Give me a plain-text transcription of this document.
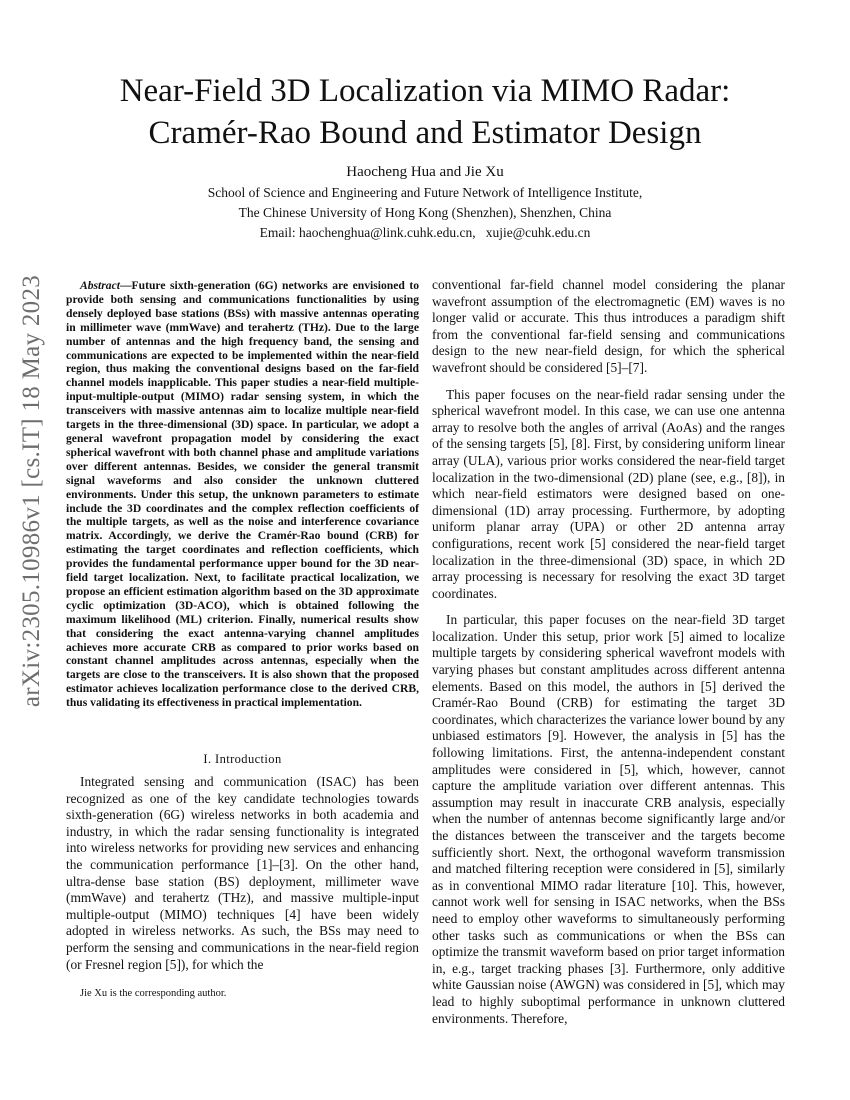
Near-Field 3D Localization via MIMO Radar:
Cramér-Rao Bound and Estimator Design
Haocheng Hua and Jie Xu
School of Science and Engineering and Future Network of Intelligence Institute,
The Chinese University of Hong Kong (Shenzhen), Shenzhen, China
Email: haochenghua@link.cuhk.edu.cn,   xujie@cuhk.edu.cn
arXiv:2305.10986v1 [cs.IT] 18 May 2023	Abstract—Future sixth-generation (6G) networks are envisioned to provide both sensing and communications functionalities by using densely deployed base stations (BSs) with massive antennas operating in millimeter wave (mmWave) and terahertz (THz). Due to the large number of antennas and the high frequency band, the sensing and communications are expected to be implemented within the near-field region, thus making the conventional designs based on the far-field channel models inapplicable. This paper studies a near-field multiple-input-multiple-output (MIMO) radar sensing system, in which the transceivers with massive antennas aim to localize multiple near-field targets in the three-dimensional (3D) space. In particular, we adopt a general wavefront propagation model by considering the exact spherical wavefront with both channel phase and amplitude variations over different antennas. Besides, we consider the general transmit signal waveforms and also consider the unknown cluttered environments. Under this setup, the unknown parameters to estimate include the 3D coordinates and the complex reflection coefficients of the multiple targets, as well as the noise and interference covariance matrix. Accordingly, we derive the Cramér-Rao bound (CRB) for estimating the target coordinates and reflection coefficients, which provides the fundamental performance upper bound for the 3D near-field target localization. Next, to facilitate practical localization, we propose an efficient estimation algorithm based on the 3D approximate cyclic optimization (3D-ACO), which is obtained following the maximum likelihood (ML) criterion. Finally, numerical results show that considering the exact antenna-varying channel amplitudes achieves more accurate CRB as compared to prior works based on constant channel amplitudes across antennas, especially when the targets are close to the transceivers. It is also shown that the proposed estimator achieves localization performance close to the derived CRB, thus validating its effectiveness in practical implementation.
I. Introduction

Integrated sensing and communication (ISAC) has been recognized as one of the key candidate technologies towards sixth-generation (6G) wireless networks in both academia and industry, in which the radar sensing functionality is integrated into wireless networks for providing new services and enhancing the communication performance [1]–[3]. On the other hand, ultra-dense base station (BS) deployment, millimeter wave (mmWave) and terahertz (THz), and massive multiple-input multiple-output (MIMO) techniques [4] have been widely adopted in wireless networks. As such, the BSs may need to perform the sensing and communications in the near-field region (or Fresnel region [5]), for which the

Jie Xu is the corresponding author.

conventional far-field channel model considering the planar wavefront assumption of the electromagnetic (EM) waves is no longer valid or accurate. This thus introduces a paradigm shift from the conventional far-field sensing and communications design to the new near-field design, for which the spherical wavefront should be considered [5]–[7].

This paper focuses on the near-field radar sensing under the spherical wavefront model. In this case, we can use one antenna array to resolve both the angles of arrival (AoAs) and the ranges of the sensing targets [5], [8]. First, by considering uniform linear array (ULA), various prior works considered the near-field target localization in the two-dimensional (2D) plane (see, e.g., [8]), in which near-field estimators were designed based on one-dimensional (1D) array processing. Furthermore, by adopting uniform planar array (UPA) or other 2D antenna array configurations, recent work [5] considered the near-field target localization in the three-dimensional (3D) space, in which 2D array processing is necessary for resolving the exact 3D target coordinates.

In particular, this paper focuses on the near-field 3D target localization. Under this setup, prior work [5] aimed to localize multiple targets by considering spherical wavefront models with varying phases but constant amplitudes across different antenna elements. Based on this model, the authors in [5] derived the Cramér-Rao Bound (CRB) for estimating the target 3D coordinates, which characterizes the variance lower bound by any unbiased estimators [9]. However, the analysis in [5] has the following limitations. First, the antenna-independent constant amplitudes were considered in [5], which, however, cannot capture the amplitude variation over different antennas. This assumption may result in inaccurate CRB analysis, especially when the number of antennas become significantly large and/or the distances between the transceiver and the targets become sufficiently short. Next, the orthogonal waveform transmission and matched filtering reception were considered in [5], similarly as in conventional MIMO radar literature [10]. This, however, cannot work well for sensing in ISAC networks, when the BSs need to employ other waveforms to simultaneously performing other tasks such as communications or when the BSs can optimize the transmit waveform based on prior target information in, e.g., target tracking phases [3]. Furthermore, only additive white Gaussian noise (AWGN) was considered in [5], which may lead to highly suboptimal performance in unknown cluttered environments. Therefore,
